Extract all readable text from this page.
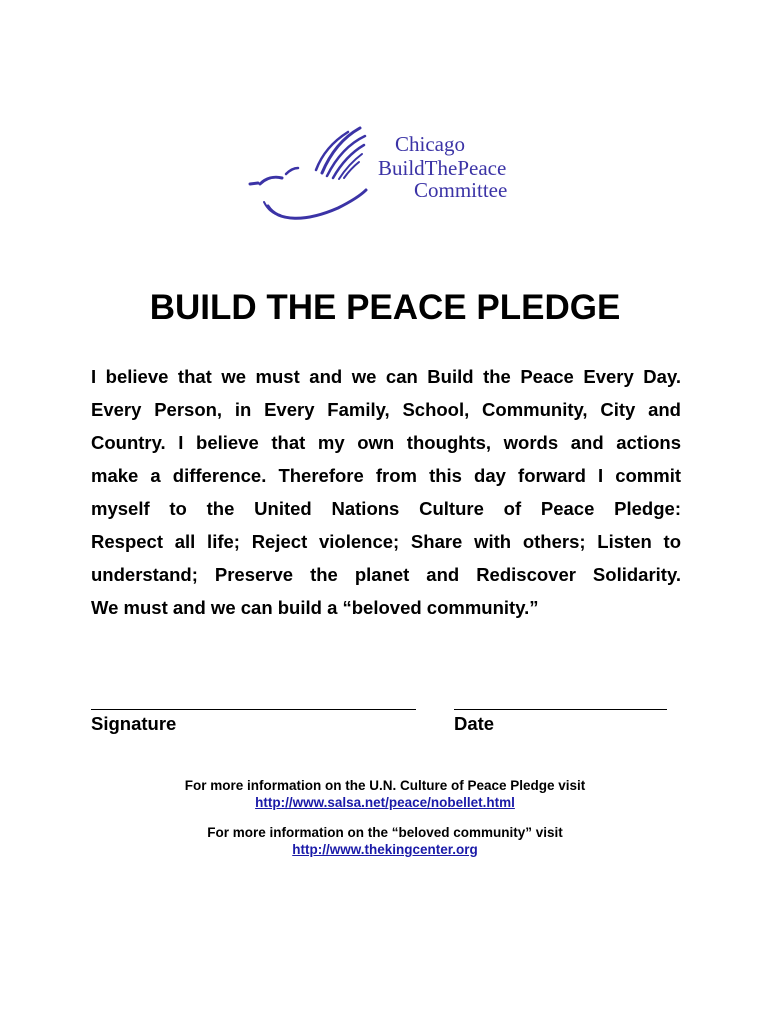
Chicago
BuildThePeace
Committee
BUILD THE PEACE PLEDGE
I believe that we must and we can Build the Peace Every Day.
Every Person, in Every Family, School, Community, City and
Country. I believe that my own thoughts, words and actions
make a difference. Therefore from this day forward I commit
myself to the United Nations Culture of Peace Pledge:
Respect all life; Reject violence; Share with others; Listen to
understand; Preserve the planet and Rediscover Solidarity.
We must and we can build a “beloved community.”
Signature	Date
For more information on the U.N. Culture of Peace Pledge visit
http://www.salsa.net/peace/nobellet.html
For more information on the “beloved community” visit
http://www.thekingcenter.org
